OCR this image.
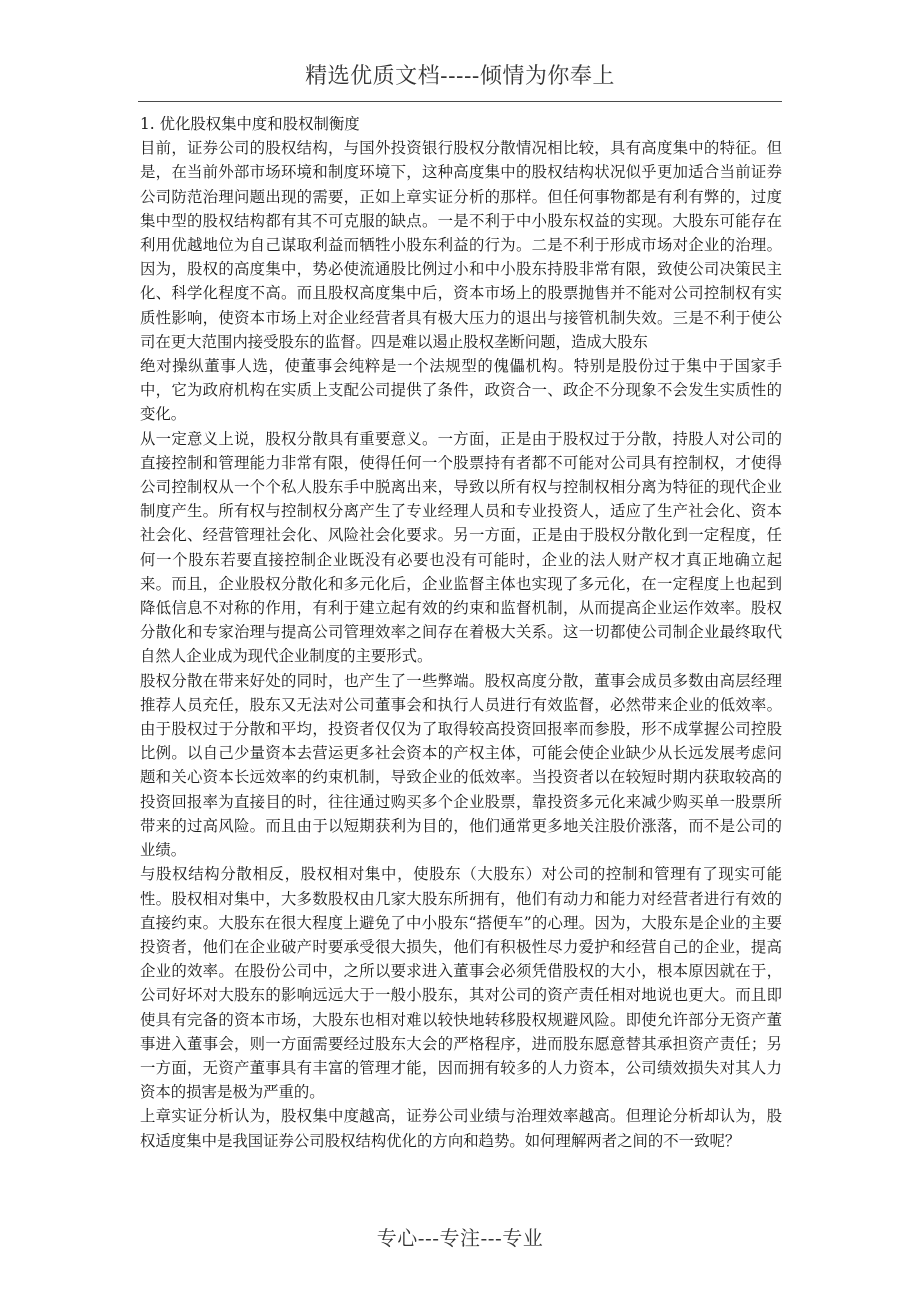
精选优质文档-----倾情为你奉上

1. 优化股权集中度和股权制衡度

目前，证券公司的股权结构，与国外投资银行股权分散情况相比较，具有高度集中的特征。但是，在当前外部市场环境和制度环境下，这种高度集中的股权结构状况似乎更加适合当前证券公司防范治理问题出现的需要，正如上章实证分析的那样。但任何事物都是有利有弊的，过度集中型的股权结构都有其不可克服的缺点。一是不利于中小股东权益的实现。大股东可能存在利用优越地位为自己谋取利益而牺牲小股东利益的行为。二是不利于形成市场对企业的治理。因为，股权的高度集中，势必使流通股比例过小和中小股东持股非常有限，致使公司决策民主化、科学化程度不高。而且股权高度集中后，资本市场上的股票抛售并不能对公司控制权有实质性影响，使资本市场上对企业经营者具有极大压力的退出与接管机制失效。三是不利于使公司在更大范围内接受股东的监督。四是难以遏止股权垄断问题，造成大股东

绝对操纵董事人选，使董事会纯粹是一个法规型的傀儡机构。特别是股份过于集中于国家手中，它为政府机构在实质上支配公司提供了条件，政资合一、政企不分现象不会发生实质性的变化。

从一定意义上说，股权分散具有重要意义。一方面，正是由于股权过于分散，持股人对公司的直接控制和管理能力非常有限，使得任何一个股票持有者都不可能对公司具有控制权，才使得公司控制权从一个个私人股东手中脱离出来，导致以所有权与控制权相分离为特征的现代企业制度产生。所有权与控制权分离产生了专业经理人员和专业投资人，适应了生产社会化、资本社会化、经营管理社会化、风险社会化要求。另一方面，正是由于股权分散化到一定程度，任何一个股东若要直接控制企业既没有必要也没有可能时，企业的法人财产权才真正地确立起来。而且，企业股权分散化和多元化后，企业监督主体也实现了多元化，在一定程度上也起到降低信息不对称的作用，有利于建立起有效的约束和监督机制，从而提高企业运作效率。股权分散化和专家治理与提高公司管理效率之间存在着极大关系。这一切都使公司制企业最终取代自然人企业成为现代企业制度的主要形式。

股权分散在带来好处的同时，也产生了一些弊端。股权高度分散，董事会成员多数由高层经理推荐人员充任，股东又无法对公司董事会和执行人员进行有效监督，必然带来企业的低效率。由于股权过于分散和平均，投资者仅仅为了取得较高投资回报率而参股，形不成掌握公司控股比例。以自己少量资本去营运更多社会资本的产权主体，可能会使企业缺少从长远发展考虑问题和关心资本长远效率的约束机制，导致企业的低效率。当投资者以在较短时期内获取较高的投资回报率为直接目的时，往往通过购买多个企业股票，靠投资多元化来减少购买单一股票所带来的过高风险。而且由于以短期获利为目的，他们通常更多地关注股价涨落，而不是公司的业绩。

与股权结构分散相反，股权相对集中，使股东（大股东）对公司的控制和管理有了现实可能性。股权相对集中，大多数股权由几家大股东所拥有，他们有动力和能力对经营者进行有效的直接约束。大股东在很大程度上避免了中小股东“搭便车”的心理。因为，大股东是企业的主要投资者，他们在企业破产时要承受很大损失，他们有积极性尽力爱护和经营自己的企业，提高企业的效率。在股份公司中，之所以要求进入董事会必须凭借股权的大小，根本原因就在于，公司好坏对大股东的影响远远大于一般小股东，其对公司的资产责任相对地说也更大。而且即使具有完备的资本市场，大股东也相对难以较快地转移股权规避风险。即使允许部分无资产董事进入董事会，则一方面需要经过股东大会的严格程序，进而股东愿意替其承担资产责任；另一方面，无资产董事具有丰富的管理才能，因而拥有较多的人力资本，公司绩效损失对其人力资本的损害是极为严重的。

上章实证分析认为，股权集中度越高，证券公司业绩与治理效率越高。但理论分析却认为，股权适度集中是我国证券公司股权结构优化的方向和趋势。如何理解两者之间的不一致呢？

专心---专注---专业
